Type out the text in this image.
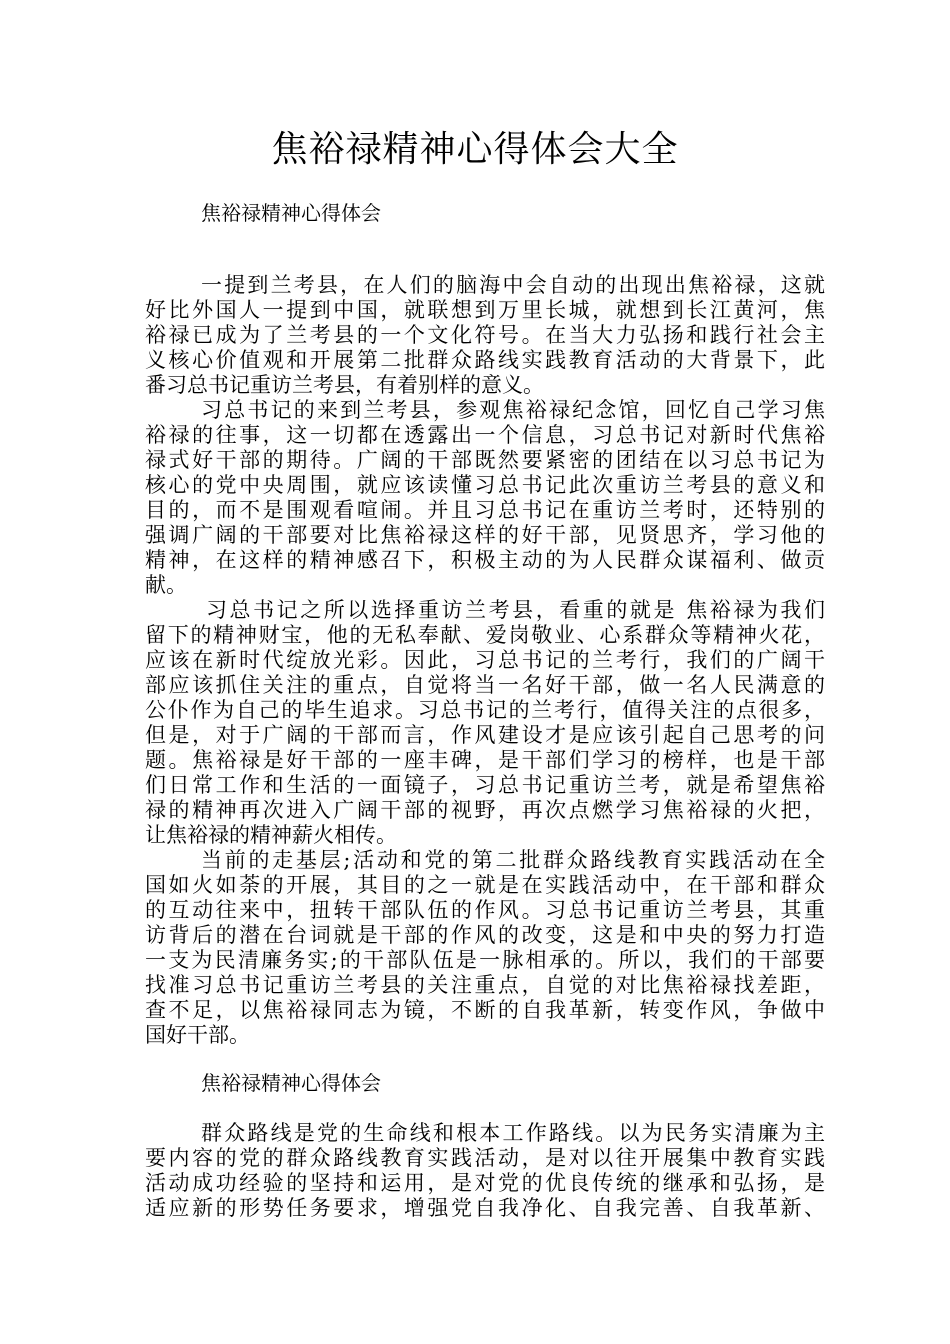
焦裕禄精神心得体会大全
焦裕禄精神心得体会
一提到兰考县，在人们的脑海中会自动的出现出焦裕禄，这就
好比外国人一提到中国，就联想到万里长城，就想到长江黄河，焦
裕禄已成为了兰考县的一个文化符号。在当大力弘扬和践行社会主
义核心价值观和开展第二批群众路线实践教育活动的大背景下，此
番习总书记重访兰考县，有着别样的意义。
习总书记的来到兰考县，参观焦裕禄纪念馆，回忆自己学习焦
裕禄的往事，这一切都在透露出一个信息，习总书记对新时代焦裕
禄式好干部的期待。广阔的干部既然要紧密的团结在以习总书记为
核心的党中央周围，就应该读懂习总书记此次重访兰考县的意义和
目的，而不是围观看喧闹。并且习总书记在重访兰考时，还特别的
强调广阔的干部要对比焦裕禄这样的好干部，见贤思齐，学习他的
精神，在这样的精神感召下，积极主动的为人民群众谋福利、做贡
献。
习总书记之所以选择重访兰考县，看重的就是 焦裕禄为我们
留下的精神财宝，他的无私奉献、爱岗敬业、心系群众等精神火花，
应该在新时代绽放光彩。因此，习总书记的兰考行，我们的广阔干
部应该抓住关注的重点，自觉将当一名好干部，做一名人民满意的
公仆作为自己的毕生追求。习总书记的兰考行，值得关注的点很多，
但是，对于广阔的干部而言，作风建设才是应该引起自己思考的问
题。焦裕禄是好干部的一座丰碑，是干部们学习的榜样，也是干部
们日常工作和生活的一面镜子，习总书记重访兰考，就是希望焦裕
禄的精神再次进入广阔干部的视野，再次点燃学习焦裕禄的火把，
让焦裕禄的精神薪火相传。
当前的走基层;活动和党的第二批群众路线教育实践活动在全
国如火如荼的开展，其目的之一就是在实践活动中，在干部和群众
的互动往来中，扭转干部队伍的作风。习总书记重访兰考县，其重
访背后的潜在台词就是干部的作风的改变，这是和中央的努力打造
一支为民清廉务实;的干部队伍是一脉相承的。所以，我们的干部要
找准习总书记重访兰考县的关注重点，自觉的对比焦裕禄找差距，
查不足，以焦裕禄同志为镜，不断的自我革新，转变作风，争做中
国好干部。
焦裕禄精神心得体会
群众路线是党的生命线和根本工作路线。以为民务实清廉为主
要内容的党的群众路线教育实践活动，是对以往开展集中教育实践
活动成功经验的坚持和运用，是对党的优良传统的继承和弘扬，是
适应新的形势任务要求，增强党自我净化、自我完善、自我革新、
